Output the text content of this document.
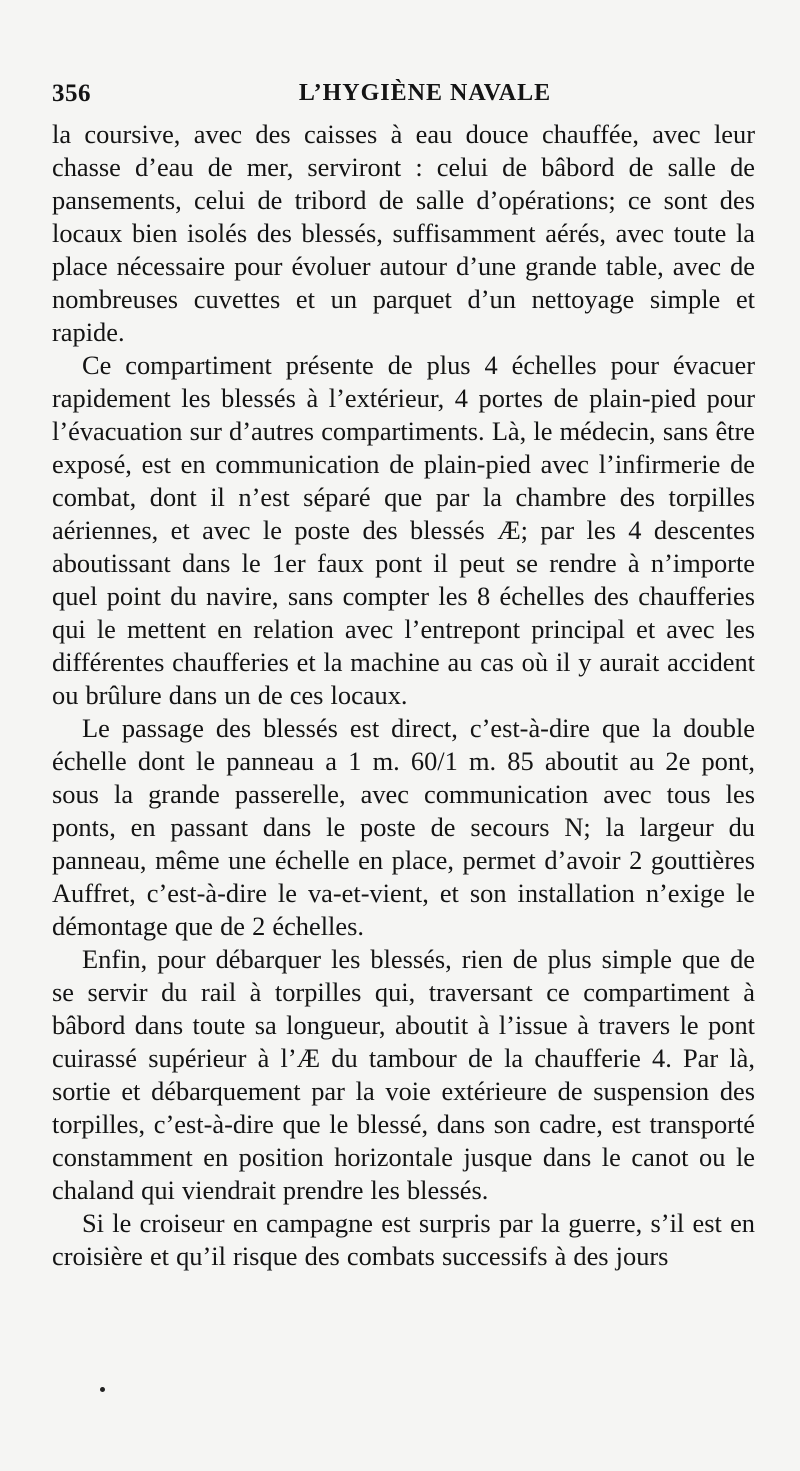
356	L’HYGIÈNE NAVALE

la coursive, avec des caisses à eau douce chauffée, avec leur chasse d’eau de mer, serviront : celui de bâbord de salle de pansements, celui de tribord de salle d’opérations; ce sont des locaux bien isolés des blessés, suffisamment aérés, avec toute la place nécessaire pour évoluer autour d’une grande table, avec de nombreuses cuvettes et un parquet d’un nettoyage simple et rapide.

Ce compartiment présente de plus 4 échelles pour évacuer rapidement les blessés à l’extérieur, 4 portes de plain-pied pour l’évacuation sur d’autres compartiments. Là, le médecin, sans être exposé, est en communication de plain-pied avec l’infirmerie de combat, dont il n’est séparé que par la chambre des torpilles aériennes, et avec le poste des blessés Æ; par les 4 descentes aboutissant dans le 1er faux pont il peut se rendre à n’importe quel point du navire, sans compter les 8 échelles des chaufferies qui le mettent en relation avec l’entrepont principal et avec les différentes chaufferies et la machine au cas où il y aurait accident ou brûlure dans un de ces locaux.

Le passage des blessés est direct, c’est-à-dire que la double échelle dont le panneau a 1 m. 60/1 m. 85 aboutit au 2e pont, sous la grande passerelle, avec communication avec tous les ponts, en passant dans le poste de secours N; la largeur du panneau, même une échelle en place, permet d’avoir 2 gouttières Auffret, c’est-à-dire le va-et-vient, et son installation n’exige le démontage que de 2 échelles.

Enfin, pour débarquer les blessés, rien de plus simple que de se servir du rail à torpilles qui, traversant ce compartiment à bâbord dans toute sa longueur, aboutit à l’issue à travers le pont cuirassé supérieur à l’Æ du tambour de la chaufferie 4. Par là, sortie et débarquement par la voie extérieure de suspension des torpilles, c’est-à-dire que le blessé, dans son cadre, est transporté constamment en position horizontale jusque dans le canot ou le chaland qui viendrait prendre les blessés.

Si le croiseur en campagne est surpris par la guerre, s’il est en croisière et qu’il risque des combats successifs à des jours
